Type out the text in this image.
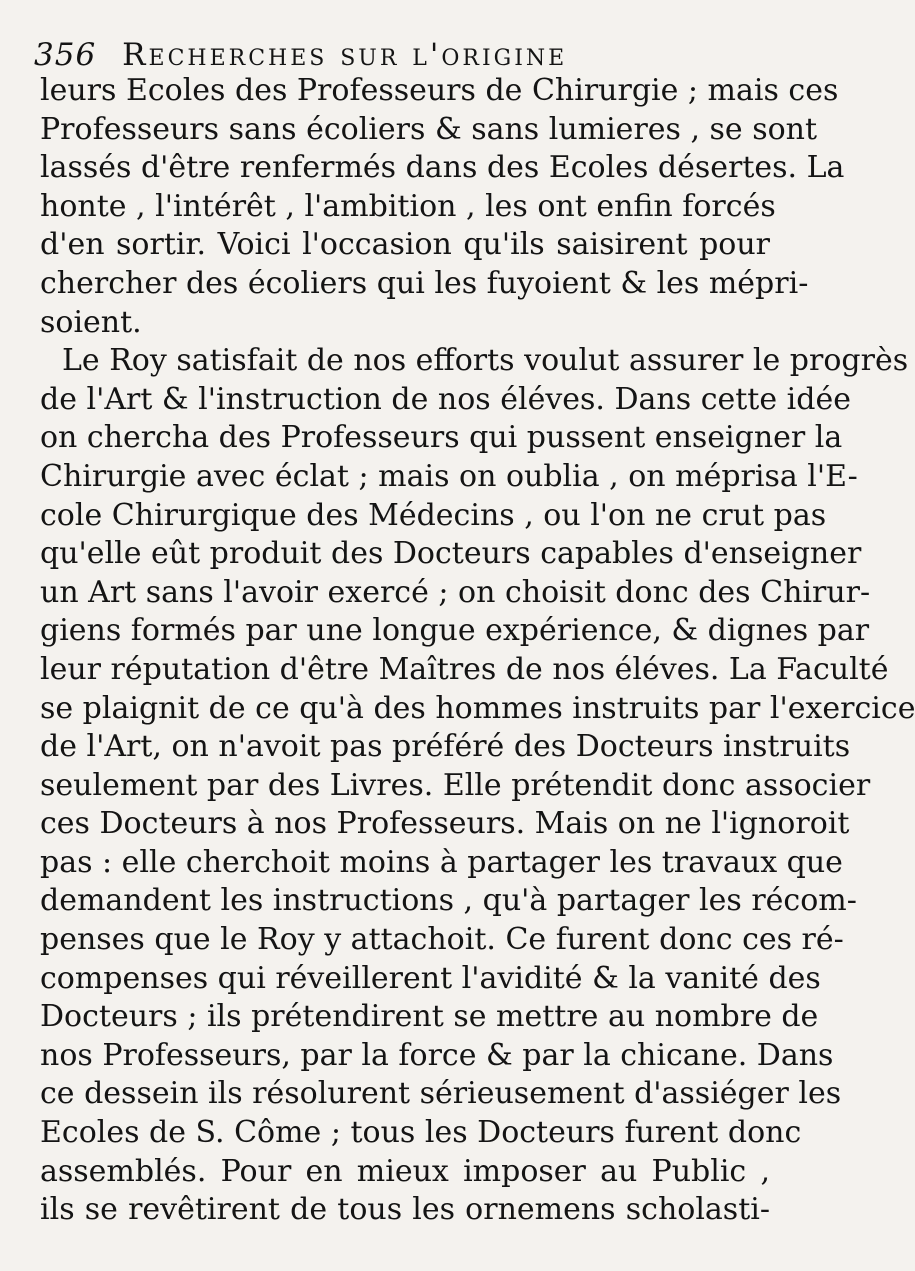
356 Recherches sur l'origine
leurs Ecoles des Professeurs de Chirurgie ; mais ces
Professeurs sans écoliers & sans lumieres , se sont
lassés d'être renfermés dans des Ecoles désertes. La
honte , l'intérêt , l'ambition , les ont enfin forcés
d'en sortir. Voici l'occasion qu'ils saisirent pour
chercher des écoliers qui les fuyoient & les mépri-
soient.
Le Roy satisfait de nos efforts voulut assurer le progrès
de l'Art & l'instruction de nos éléves. Dans cette idée
on chercha des Professeurs qui pussent enseigner la
Chirurgie avec éclat ; mais on oublia , on méprisa l'E-
cole Chirurgique des Médecins , ou l'on ne crut pas
qu'elle eût produit des Docteurs capables d'enseigner
un Art sans l'avoir exercé ; on choisit donc des Chirur-
giens formés par une longue expérience, & dignes par
leur réputation d'être Maîtres de nos éléves. La Faculté
se plaignit de ce qu'à des hommes instruits par l'exercice
de l'Art, on n'avoit pas préféré des Docteurs instruits
seulement par des Livres. Elle prétendit donc associer
ces Docteurs à nos Professeurs. Mais on ne l'ignoroit
pas : elle cherchoit moins à partager les travaux que
demandent les instructions , qu'à partager les récom-
penses que le Roy y attachoit. Ce furent donc ces ré-
compenses qui réveillerent l'avidité & la vanité des
Docteurs ; ils prétendirent se mettre au nombre de
nos Professeurs, par la force & par la chicane. Dans
ce dessein ils résolurent sérieusement d'assiéger les
Ecoles de S. Côme ; tous les Docteurs furent donc
assemblés. Pour en mieux imposer au Public ,
ils se revêtirent de tous les ornemens scholasti-
